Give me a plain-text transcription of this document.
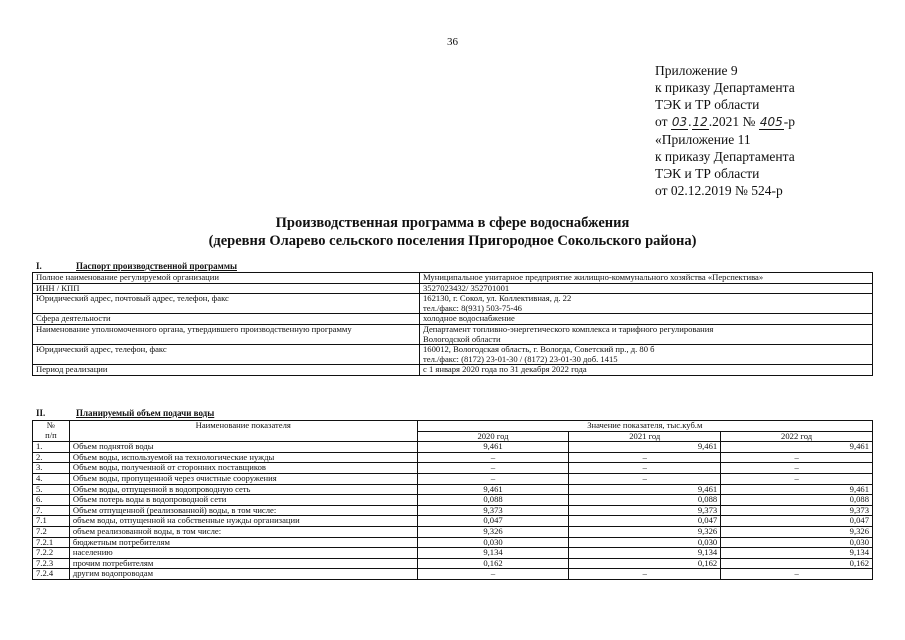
36
Приложение 9
к приказу Департамента
ТЭК и ТР области
от 03.12.2021 № 405-р
«Приложение 11
к приказу Департамента
ТЭК и ТР области
от 02.12.2019 № 524-р
Производственная программа в сфере водоснабжения
(деревня Оларево сельского поселения Пригородное Сокольского района)
I.	Паспорт производственной программы
Полное наименование регулируемой организации	Муниципальное унитарное предприятие жилищно-коммунального хозяйства «Перспектива»

ИНН / КПП	3527023432/ 352701001

Юридический адрес, почтовый адрес, телефон, факс	162130, г. Сокол, ул. Коллективная, д. 22
тел./факс: 8(931) 503-75-46

Сфера деятельности	холодное водоснабжение

Наименование уполномоченного органа, утвердившего производственную программу	Департамент топливно-энергетического комплекса и тарифного регулирования
Вологодской области

Юридический адрес, телефон, факс	160012, Вологодская область, г. Вологда, Советский пр., д. 80 б
тел./факс: (8172) 23-01-30 / (8172) 23-01-30 доб. 1415

Период реализации	с 1 января 2020 года по 31 декабря 2022 года
II.	Планируемый объем подачи воды
№
п/п	Наименование показателя	Значение показателя, тыс.куб.м		
		2020 год	2021 год	2022 год
1.	Объем поднятой воды	9,461	9,461	9,461
2.	Объем воды, используемой на технологические нужды	–	–	–
3.	Объем воды, полученной от сторонних поставщиков	–	–	–
4.	Объем воды, пропущенной через очистные сооружения	–	–	–
5.	Объем воды, отпущенной в водопроводную сеть	9,461	9,461	9,461
6.	Объем потерь воды в водопроводной сети	0,088	0,088	0,088
7.	Объем отпущенной (реализованной) воды, в том числе:	9,373	9,373	9,373
7.1	объем воды, отпущенной на собственные нужды организации	0,047	0,047	0,047
7.2	объем реализованной воды, в том числе:	9,326	9,326	9,326
7.2.1	бюджетным потребителям	0,030	0,030	0,030
7.2.2	населению	9,134	9,134	9,134
7.2.3	прочим потребителям	0,162	0,162	0,162
7.2.4	другим водопроводам	–	–	–
